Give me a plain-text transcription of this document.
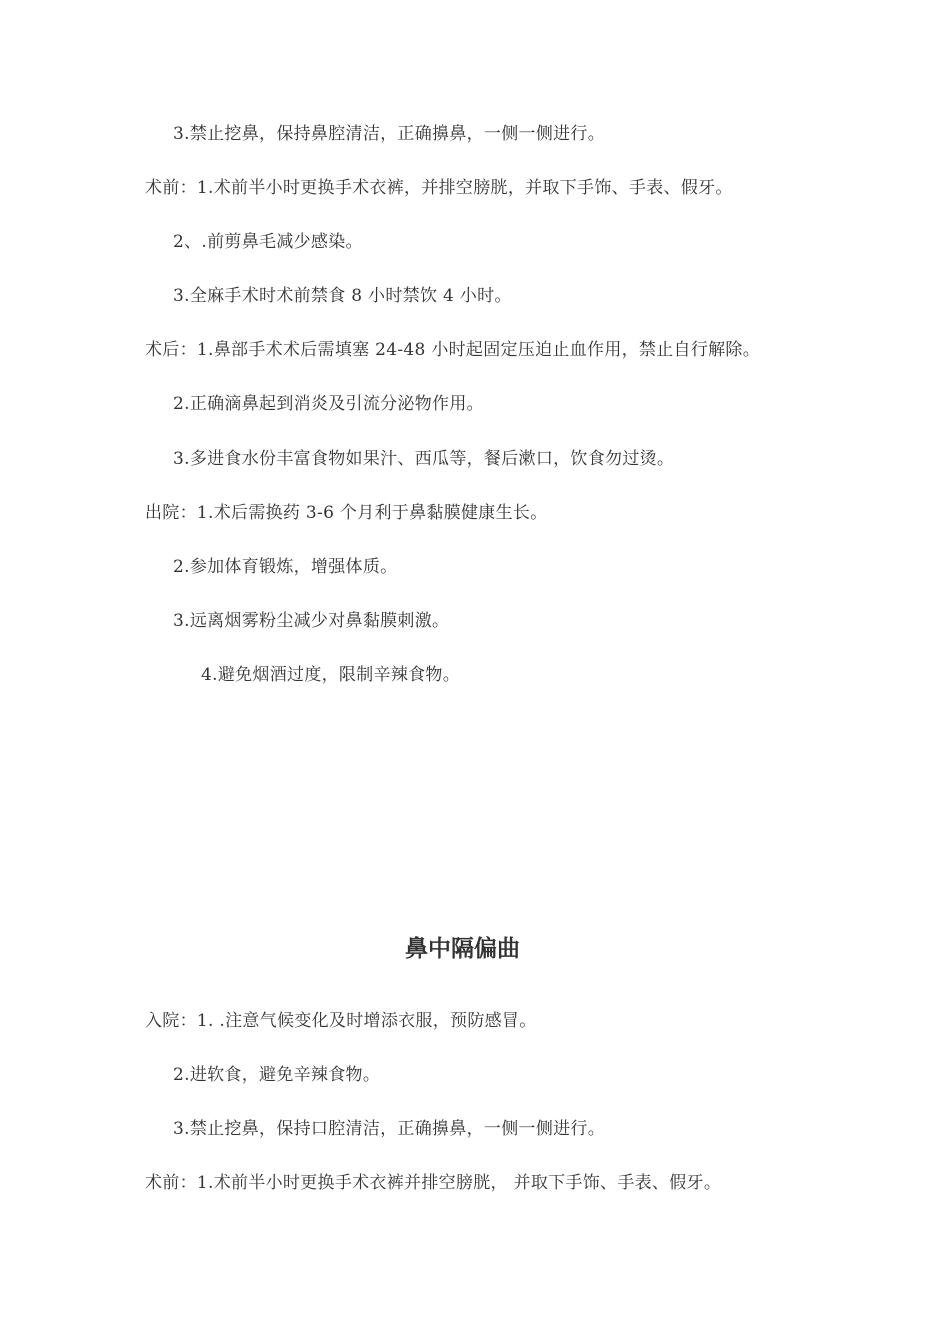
3.禁止挖鼻，保持鼻腔清洁，正确擤鼻，一侧一侧进行。

术前：1.术前半小时更换手术衣裤，并排空膀胱，并取下手饰、手表、假牙。

2、.前剪鼻毛减少感染。

3.全麻手术时术前禁食 8 小时禁饮 4 小时。

术后：1.鼻部手术术后需填塞 24-48 小时起固定压迫止血作用，禁止自行解除。

2.正确滴鼻起到消炎及引流分泌物作用。

3.多进食水份丰富食物如果汁、西瓜等，餐后漱口，饮食勿过烫。

出院：1.术后需换药 3-6 个月利于鼻黏膜健康生长。

2.参加体育锻炼，增强体质。

3.远离烟雾粉尘减少对鼻黏膜刺激。

4.避免烟酒过度，限制辛辣食物。

鼻中隔偏曲

入院：1. .注意气候变化及时增添衣服，预防感冒。

2.进软食，避免辛辣食物。

3.禁止挖鼻，保持口腔清洁，正确擤鼻，一侧一侧进行。

术前：1.术前半小时更换手术衣裤并排空膀胱， 并取下手饰、手表、假牙。
